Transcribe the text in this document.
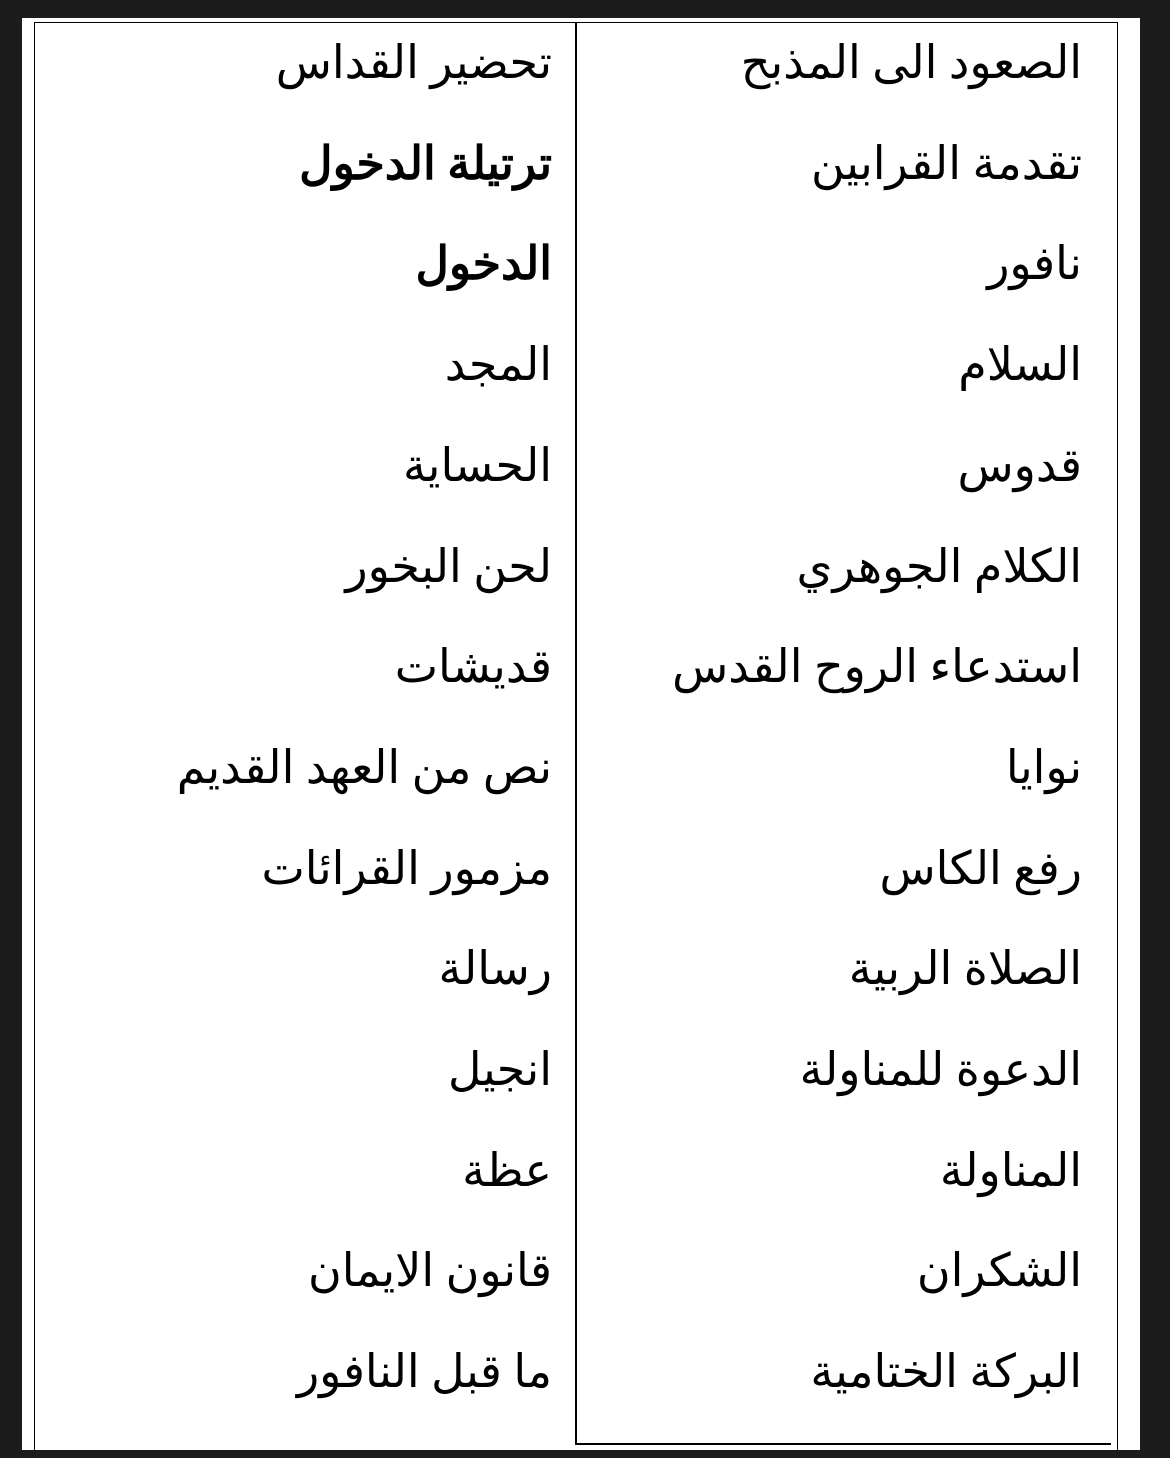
الصعود الى المذبح
تقدمة القرابين
نافور
السلام
قدوس
الكلام الجوهري
استدعاء الروح القدس
نوايا
رفع الكاس
الصلاة الربية
الدعوة للمناولة
المناولة
الشكران
البركة الختامية
تحضير القداس
ترتيلة الدخول
الدخول
المجد
الحساية
لحن البخور
قديشات
نص من العهد القديم
مزمور القرائات
رسالة
انجيل
عظة
قانون الايمان
ما قبل النافور
